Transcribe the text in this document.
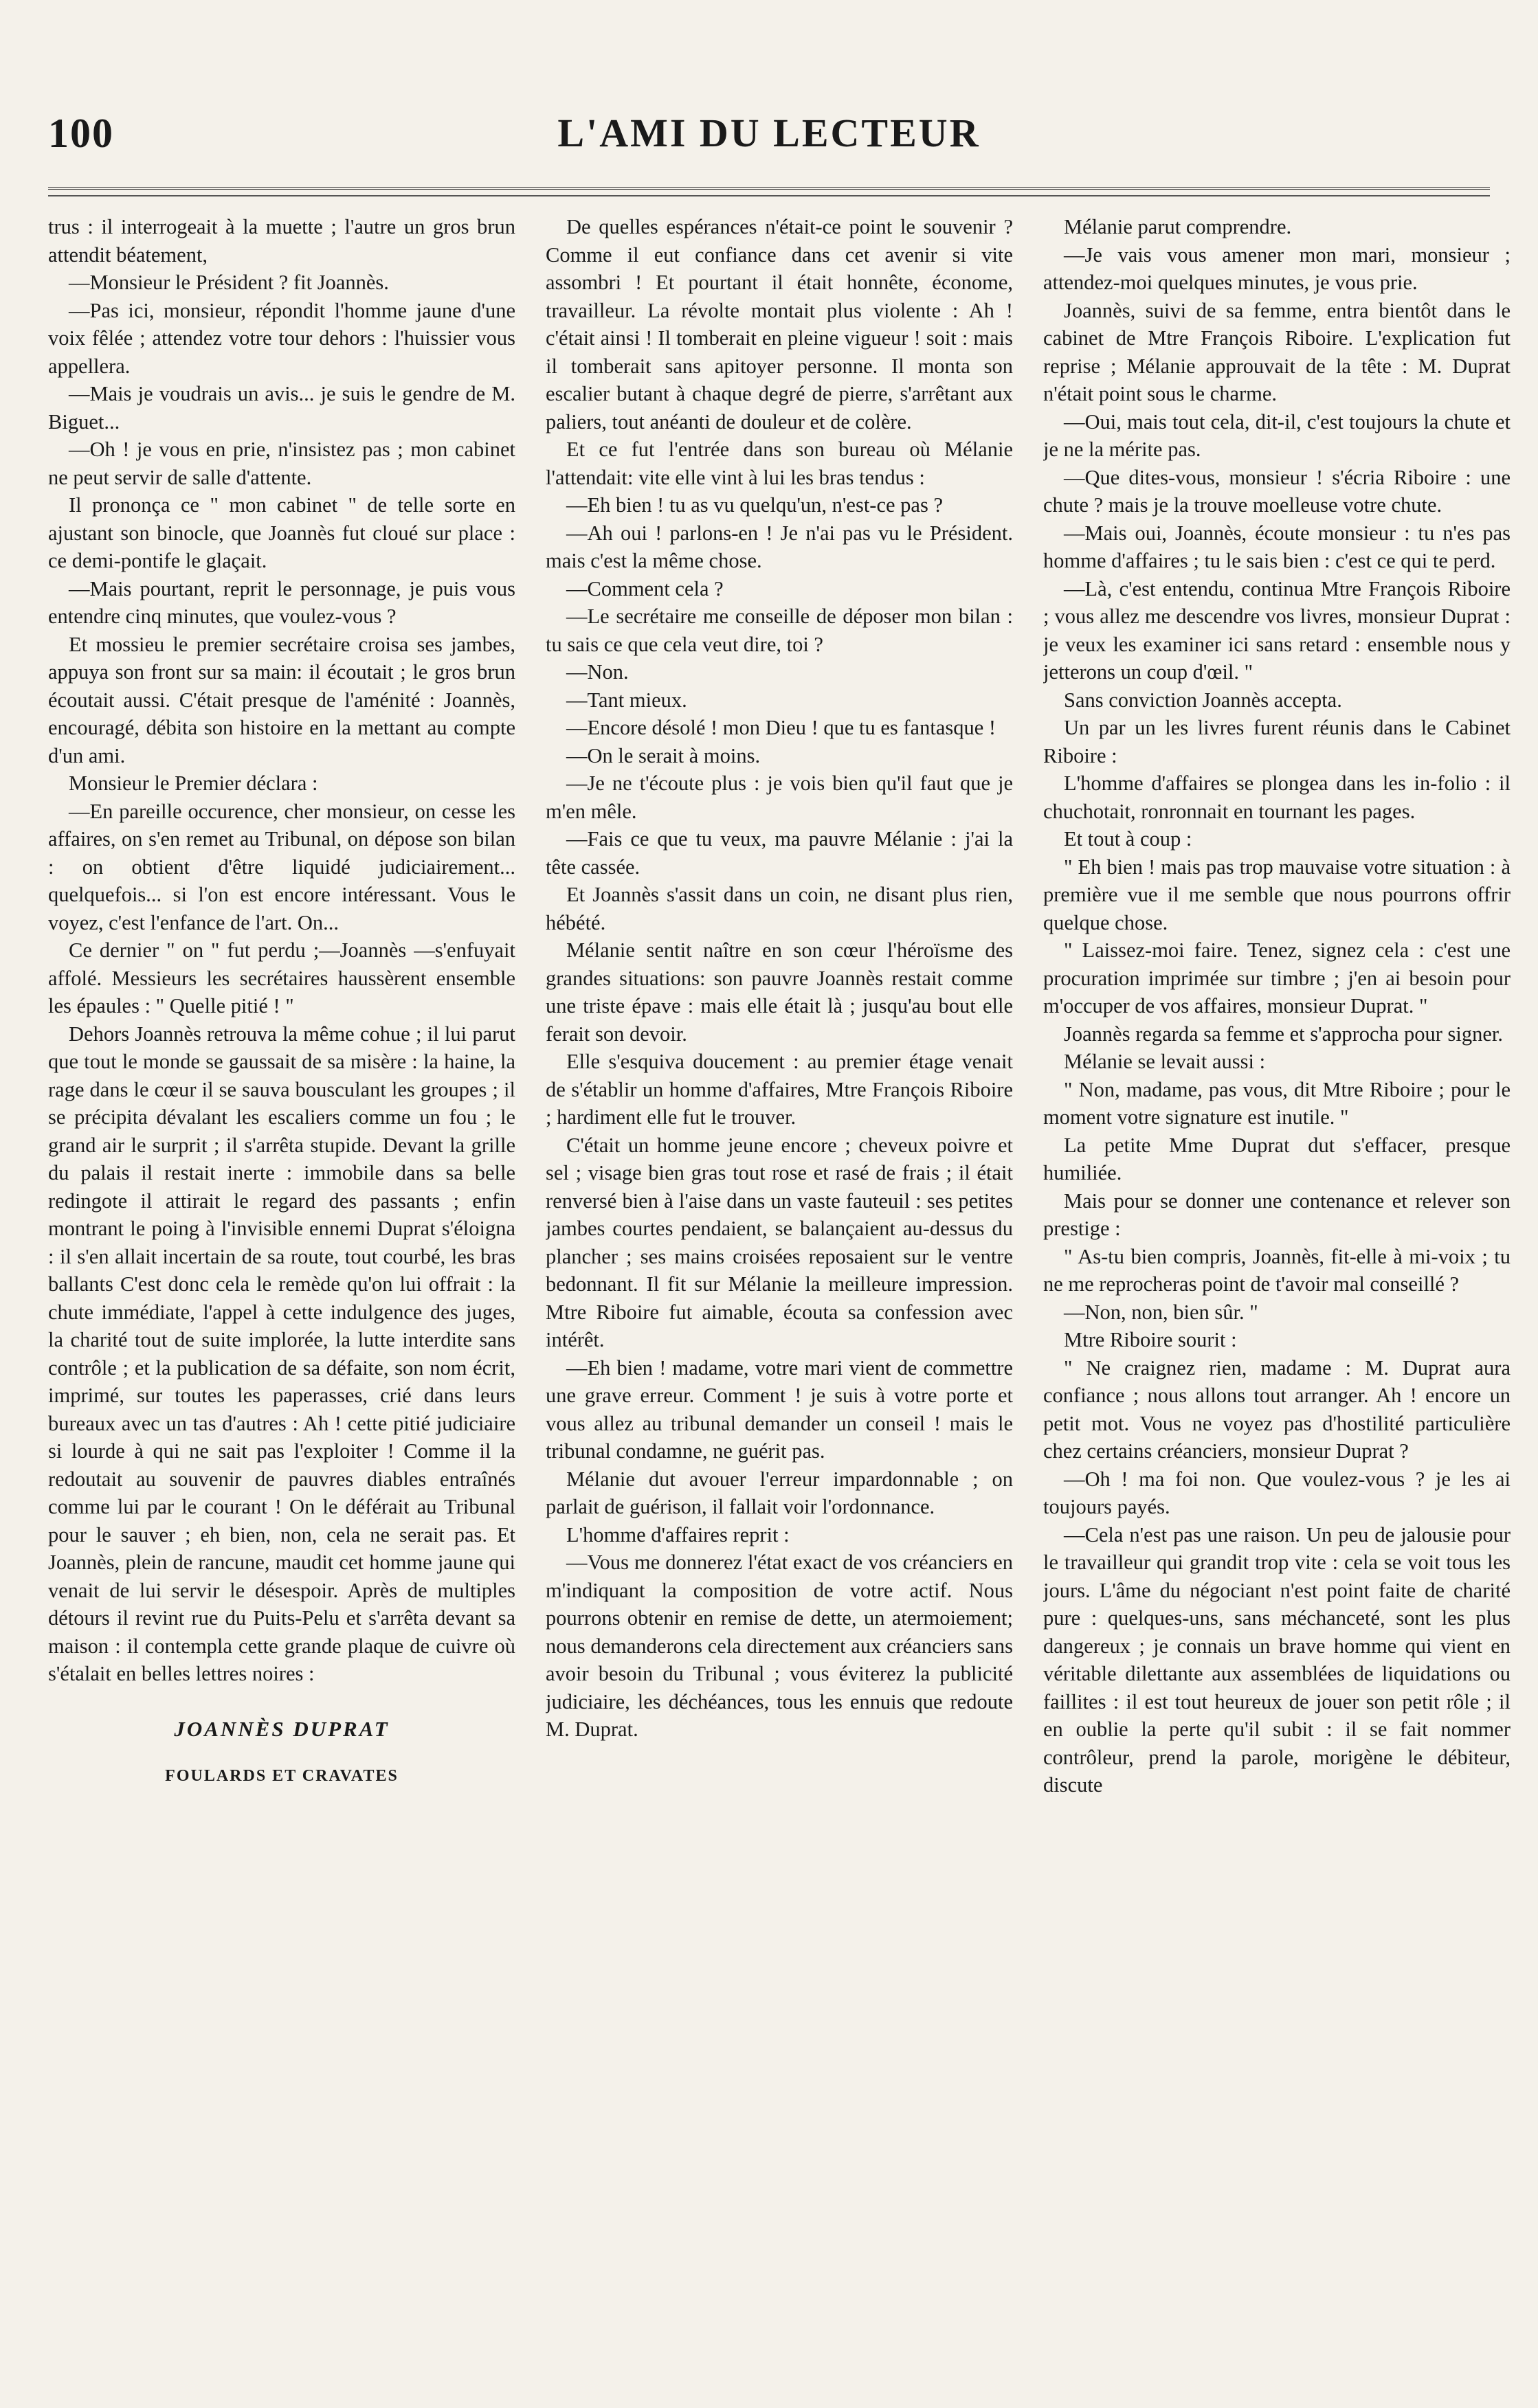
100	L'AMI DU LECTEUR

trus : il interrogeait à la muette ; l'autre un gros brun attendit béatement,

—Monsieur le Président ? fit Joannès.

—Pas ici, monsieur, répondit l'homme jaune d'une voix fêlée ; attendez votre tour dehors : l'huissier vous appellera.

—Mais je voudrais un avis... je suis le gendre de M. Biguet...

—Oh ! je vous en prie, n'insistez pas ; mon cabinet ne peut servir de salle d'attente.

Il prononça ce " mon cabinet " de telle sorte en ajustant son binocle, que Joannès fut cloué sur place : ce demi-pontife le glaçait.

—Mais pourtant, reprit le personnage, je puis vous entendre cinq minutes, que voulez-vous ?

Et mossieu le premier secrétaire croisa ses jambes, appuya son front sur sa main: il écoutait ; le gros brun écoutait aussi. C'était presque de l'aménité : Joannès, encouragé, débita son histoire en la mettant au compte d'un ami.

Monsieur le Premier déclara :

—En pareille occurence, cher monsieur, on cesse les affaires, on s'en remet au Tribunal, on dépose son bilan : on obtient d'être liquidé judiciairement... quelquefois... si l'on est encore intéressant. Vous le voyez, c'est l'enfance de l'art. On...

Ce dernier " on " fut perdu ;—Joannès —s'enfuyait affolé. Messieurs les secrétaires haussèrent ensemble les épaules : " Quelle pitié ! "

Dehors Joannès retrouva la même cohue ; il lui parut que tout le monde se gaussait de sa misère : la haine, la rage dans le cœur il se sauva bousculant les groupes ; il se précipita dévalant les escaliers comme un fou ; le grand air le surprit ; il s'arrêta stupide. Devant la grille du palais il restait inerte : immobile dans sa belle redingote il attirait le regard des passants ; enfin montrant le poing à l'invisible ennemi Duprat s'éloigna : il s'en allait incertain de sa route, tout courbé, les bras ballants C'est donc cela le remède qu'on lui offrait : la chute immédiate, l'appel à cette indulgence des juges, la charité tout de suite implorée, la lutte interdite sans contrôle ; et la publication de sa défaite, son nom écrit, imprimé, sur toutes les paperasses, crié dans leurs bureaux avec un tas d'autres : Ah ! cette pitié judiciaire si lourde à qui ne sait pas l'exploiter ! Comme il la redoutait au souvenir de pauvres diables entraînés comme lui par le courant ! On le déférait au Tribunal pour le sauver ; eh bien, non, cela ne serait pas. Et Joannès, plein de rancune, maudit cet homme jaune qui venait de lui servir le désespoir. Après de multiples détours il revint rue du Puits-Pelu et s'arrêta devant sa maison : il contempla cette grande plaque de cuivre où s'étalait en belles lettres noires :

JOANNÈS DUPRAT

FOULARDS ET CRAVATES

De quelles espérances n'était-ce point le souvenir ? Comme il eut confiance dans cet avenir si vite assombri ! Et pourtant il était honnête, économe, travailleur. La révolte montait plus violente : Ah ! c'était ainsi ! Il tomberait en pleine vigueur ! soit : mais il tomberait sans apitoyer personne. Il monta son escalier butant à chaque degré de pierre, s'arrêtant aux paliers, tout anéanti de douleur et de colère.

Et ce fut l'entrée dans son bureau où Mélanie l'attendait: vite elle vint à lui les bras tendus :

—Eh bien ! tu as vu quelqu'un, n'est-ce pas ?

—Ah oui ! parlons-en ! Je n'ai pas vu le Président. mais c'est la même chose.

—Comment cela ?

—Le secrétaire me conseille de déposer mon bilan : tu sais ce que cela veut dire, toi ?

—Non.

—Tant mieux.

—Encore désolé ! mon Dieu ! que tu es fantasque !

—On le serait à moins.

—Je ne t'écoute plus : je vois bien qu'il faut que je m'en mêle.

—Fais ce que tu veux, ma pauvre Mélanie : j'ai la tête cassée.

Et Joannès s'assit dans un coin, ne disant plus rien, hébété.

Mélanie sentit naître en son cœur l'héroïsme des grandes situations: son pauvre Joannès restait comme une triste épave : mais elle était là ; jusqu'au bout elle ferait son devoir.

Elle s'esquiva doucement : au premier étage venait de s'établir un homme d'affaires, Mtre François Riboire ; hardiment elle fut le trouver.

C'était un homme jeune encore ; cheveux poivre et sel ; visage bien gras tout rose et rasé de frais ; il était renversé bien à l'aise dans un vaste fauteuil : ses petites jambes courtes pendaient, se balançaient au-dessus du plancher ; ses mains croisées reposaient sur le ventre bedonnant. Il fit sur Mélanie la meilleure impression. Mtre Riboire fut aimable, écouta sa confession avec intérêt.

—Eh bien ! madame, votre mari vient de commettre une grave erreur. Comment ! je suis à votre porte et vous allez au tribunal demander un conseil ! mais le tribunal condamne, ne guérit pas.

Mélanie dut avouer l'erreur impardonnable ; on parlait de guérison, il fallait voir l'ordonnance.

L'homme d'affaires reprit :

—Vous me donnerez l'état exact de vos créanciers en m'indiquant la composition de votre actif. Nous pourrons obtenir en remise de dette, un atermoiement; nous demanderons cela directement aux créanciers sans avoir besoin du Tribunal ; vous éviterez la publicité judiciaire, les déchéances, tous les ennuis que redoute M. Duprat.

Mélanie parut comprendre.

—Je vais vous amener mon mari, monsieur ; attendez-moi quelques minutes, je vous prie.

Joannès, suivi de sa femme, entra bientôt dans le cabinet de Mtre François Riboire. L'explication fut reprise ; Mélanie approuvait de la tête : M. Duprat n'était point sous le charme.

—Oui, mais tout cela, dit-il, c'est toujours la chute et je ne la mérite pas.

—Que dites-vous, monsieur ! s'écria Riboire : une chute ? mais je la trouve moelleuse votre chute.

—Mais oui, Joannès, écoute monsieur : tu n'es pas homme d'affaires ; tu le sais bien : c'est ce qui te perd.

—Là, c'est entendu, continua Mtre François Riboire ; vous allez me descendre vos livres, monsieur Duprat : je veux les examiner ici sans retard : ensemble nous y jetterons un coup d'œil. "

Sans conviction Joannès accepta.

Un par un les livres furent réunis dans le Cabinet Riboire :

L'homme d'affaires se plongea dans les in-folio : il chuchotait, ronronnait en tournant les pages.

Et tout à coup :

" Eh bien ! mais pas trop mauvaise votre situation : à première vue il me semble que nous pourrons offrir quelque chose.

" Laissez-moi faire. Tenez, signez cela : c'est une procuration imprimée sur timbre ; j'en ai besoin pour m'occuper de vos affaires, monsieur Duprat. "

Joannès regarda sa femme et s'approcha pour signer.

Mélanie se levait aussi :

" Non, madame, pas vous, dit Mtre Riboire ; pour le moment votre signature est inutile. "

La petite Mme Duprat dut s'effacer, presque humiliée.

Mais pour se donner une contenance et relever son prestige :

" As-tu bien compris, Joannès, fit-elle à mi-voix ; tu ne me reprocheras point de t'avoir mal conseillé ?

—Non, non, bien sûr. "

Mtre Riboire sourit :

" Ne craignez rien, madame : M. Duprat aura confiance ; nous allons tout arranger. Ah ! encore un petit mot. Vous ne voyez pas d'hostilité particulière chez certains créanciers, monsieur Duprat ?

—Oh ! ma foi non. Que voulez-vous ? je les ai toujours payés.

—Cela n'est pas une raison. Un peu de jalousie pour le travailleur qui grandit trop vite : cela se voit tous les jours. L'âme du négociant n'est point faite de charité pure : quelques-uns, sans méchanceté, sont les plus dangereux ; je connais un brave homme qui vient en véritable dilettante aux assemblées de liquidations ou faillites : il est tout heureux de jouer son petit rôle ; il en oublie la perte qu'il subit : il se fait nommer contrôleur, prend la parole, morigène le débiteur, discute
